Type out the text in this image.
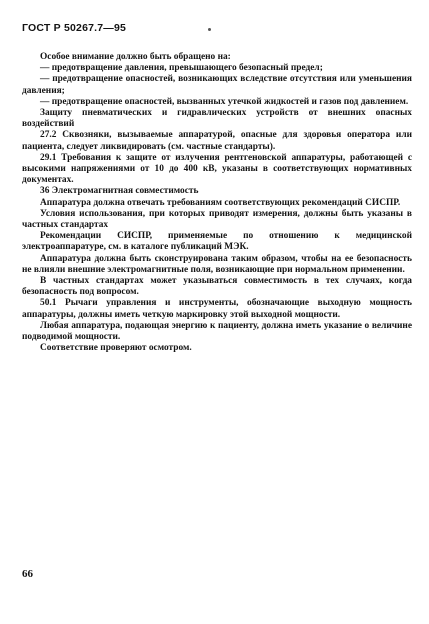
ГОСТ Р 50267.7—95

Особое внимание должно быть обращено на:

— предотвращение давления, превышающего безопасный предел;

— предотвращение опасностей, возникающих вследствие отсутствия или уменьшения давления;

— предотвращение опасностей, вызванных утечкой жидкостей и газов под давлением.

Защиту пневматических и гидравлических устройств от внешних опасных воздействий

27.2 Сквозняки, вызываемые аппаратурой, опасные для здоровья оператора или пациента, следует ликвидировать (см. частные стандарты).

29.1 Требования к защите от излучения рентгеновской аппаратуры, работающей с высокими напряжениями от 10 до 400 кВ, указаны в соответствующих нормативных документах.

36 Электромагнитная совместимость

Аппаратура должна отвечать требованиям соответствующих рекомендаций СИСПР.

Условия использования, при которых приводят измерения, должны быть указаны в частных стандартах

Рекомендации СИСПР, применяемые по отношению к медицинской электроаппаратуре, см. в каталоге публикаций МЭК.

Аппаратура должна быть сконструирована таким образом, чтобы на ее безопасность не влияли внешние электромагнитные поля, возникающие при нормальном применении.

В частных стандартах может указываться совместимость в тех случаях, когда безопасность под вопросом.

50.1 Рычаги управления и инструменты, обозначающие выходную мощность аппаратуры, должны иметь четкую маркировку этой выходной мощности.

Любая аппаратура, подающая энергию к пациенту, должна иметь указание о величине подводимой мощности.

Соответствие проверяют осмотром.

66
